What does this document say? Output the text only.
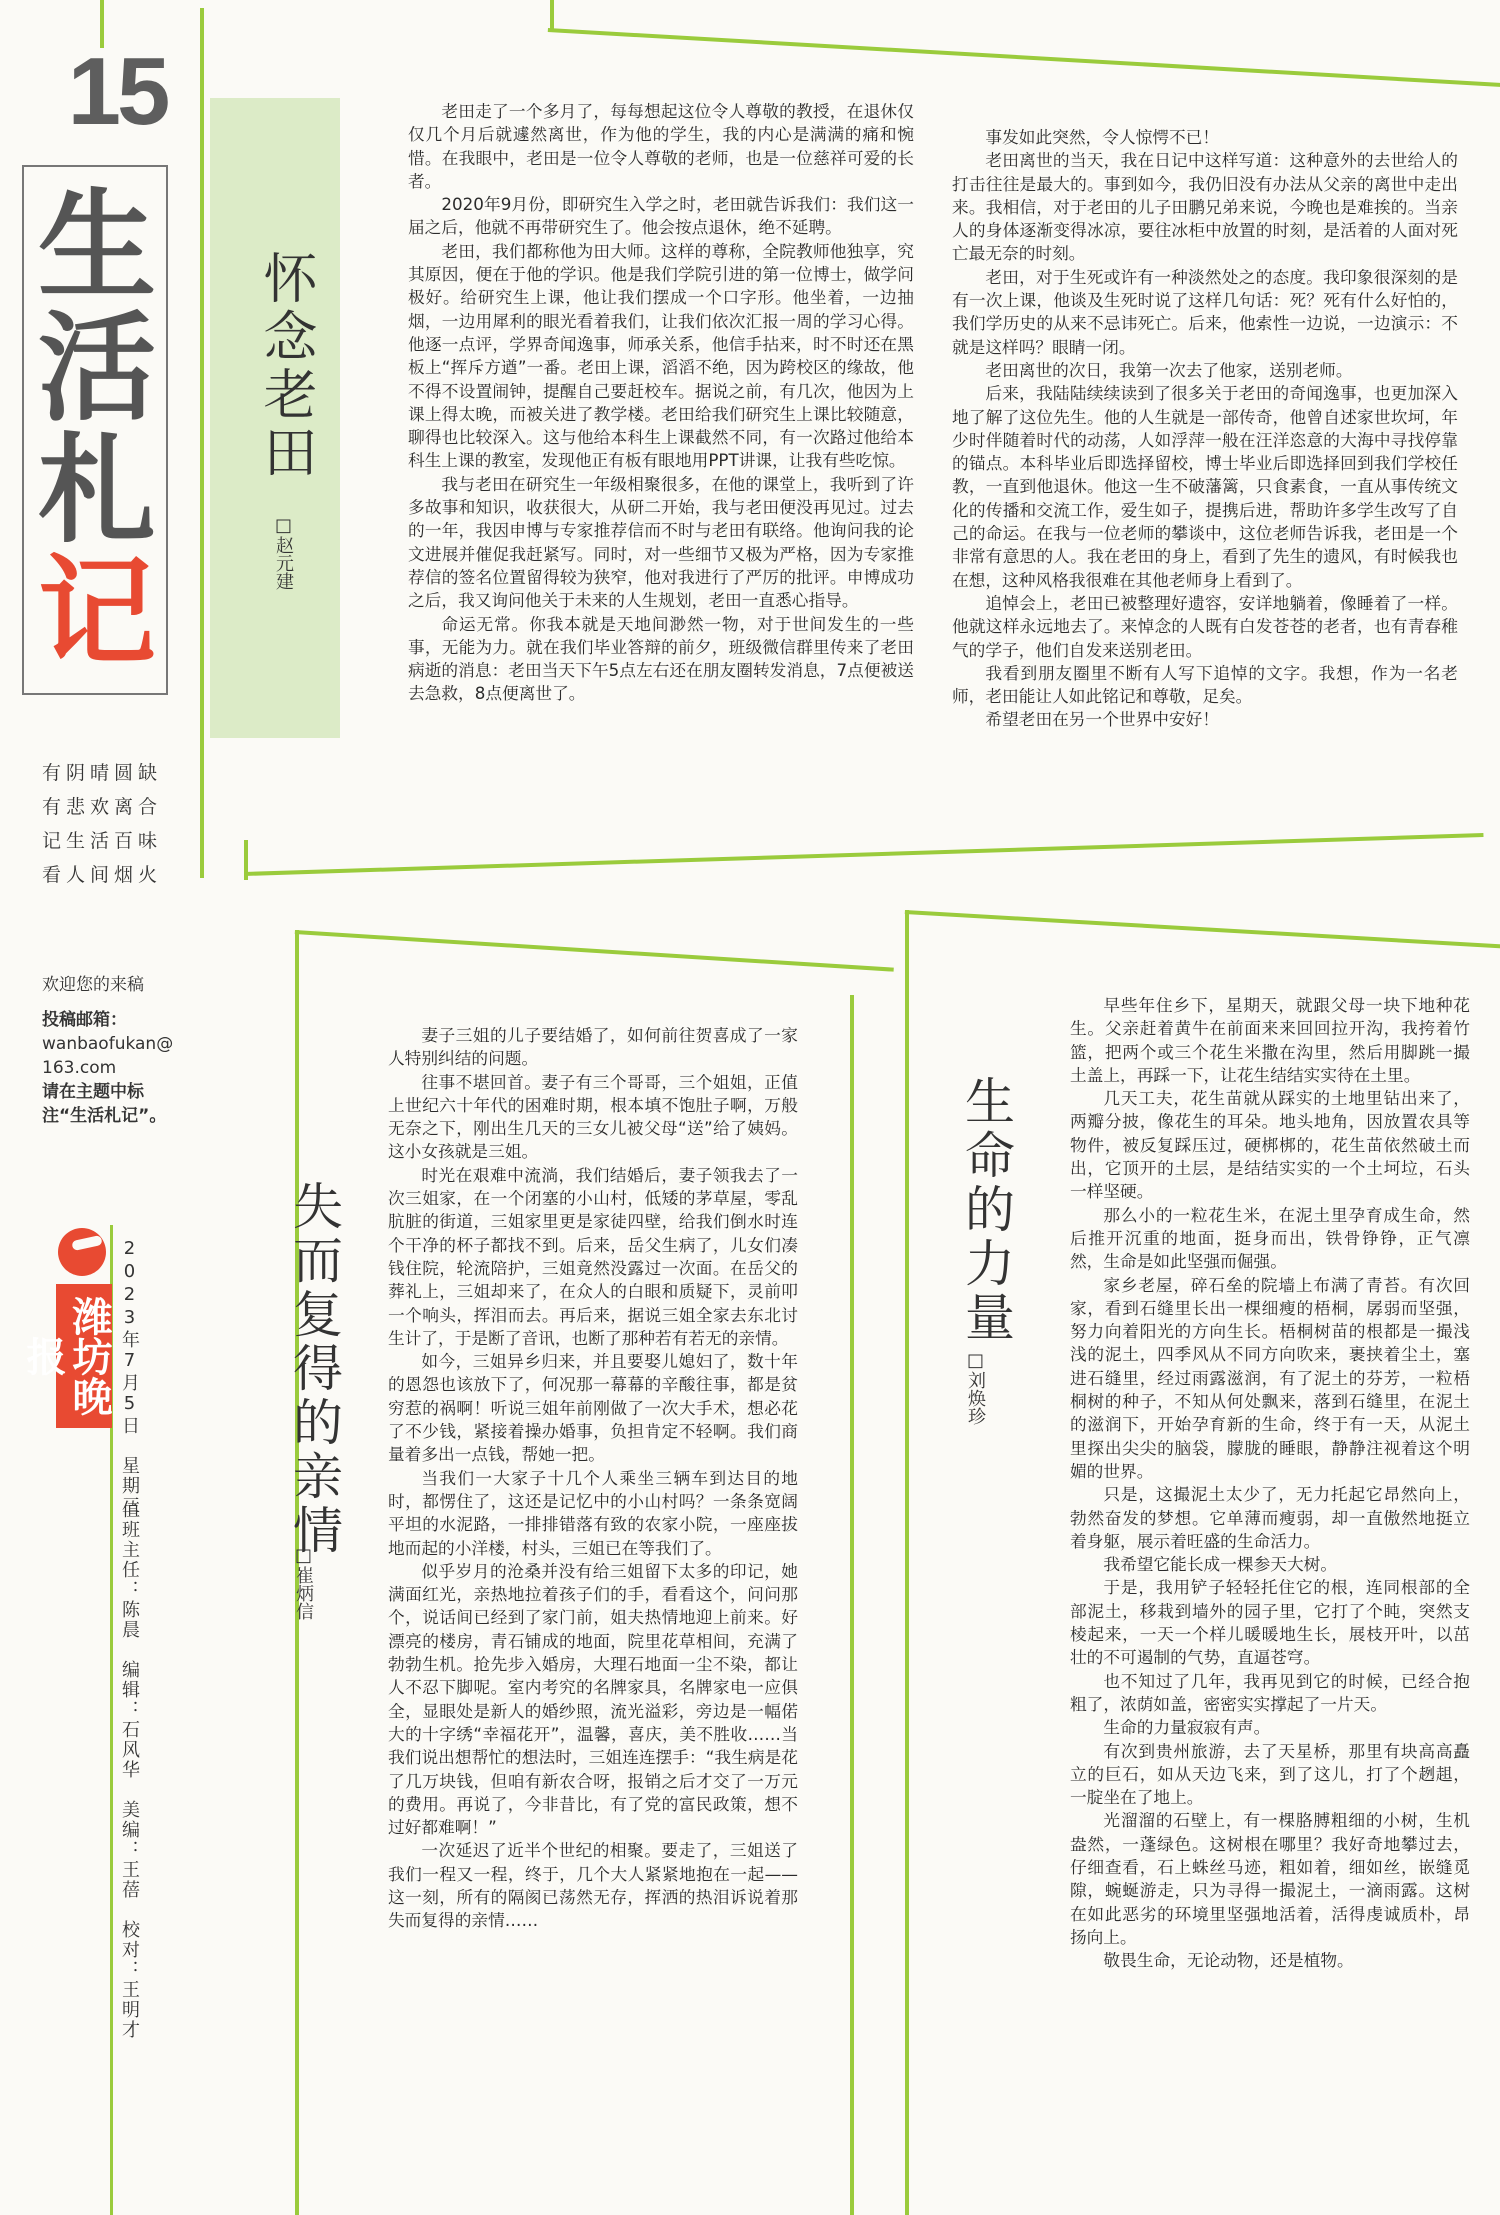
15
生
活
札
记
有阴晴圆缺
有悲欢离合
记生活百味
看人间烟火
欢迎您的来稿
投稿邮箱：
wanbaofukan@163.com
请在主题中标注“生活札记”。
潍坊晚报	2023年7月5日　星期三
值班主任：陈晨　编辑：石风华　美编：王蓓　校对：王明才
怀念老田
□赵元建

老田走了一个多月了，每每想起这位令人尊敬的教授，在退休仅仅几个月后就遽然离世，作为他的学生，我的内心是满满的痛和惋惜。在我眼中，老田是一位令人尊敬的老师，也是一位慈祥可爱的长者。

2020年9月份，即研究生入学之时，老田就告诉我们：我们这一届之后，他就不再带研究生了。他会按点退休，绝不延聘。

老田，我们都称他为田大师。这样的尊称，全院教师他独享，究其原因，便在于他的学识。他是我们学院引进的第一位博士，做学问极好。给研究生上课，他让我们摆成一个口字形。他坐着，一边抽烟，一边用犀利的眼光看着我们，让我们依次汇报一周的学习心得。他逐一点评，学界奇闻逸事，师承关系，他信手拈来，时不时还在黑板上“挥斥方遒”一番。老田上课，滔滔不绝，因为跨校区的缘故，他不得不设置闹钟，提醒自己要赶校车。据说之前，有几次，他因为上课上得太晚，而被关进了教学楼。老田给我们研究生上课比较随意，聊得也比较深入。这与他给本科生上课截然不同，有一次路过他给本科生上课的教室，发现他正有板有眼地用PPT讲课，让我有些吃惊。

我与老田在研究生一年级相聚很多，在他的课堂上，我听到了许多故事和知识，收获很大，从研二开始，我与老田便没再见过。过去的一年，我因申博与专家推荐信而不时与老田有联络。他询问我的论文进展并催促我赶紧写。同时，对一些细节又极为严格，因为专家推荐信的签名位置留得较为狭窄，他对我进行了严厉的批评。申博成功之后，我又询问他关于未来的人生规划，老田一直悉心指导。

命运无常。你我本就是天地间渺然一物，对于世间发生的一些事，无能为力。就在我们毕业答辩的前夕，班级微信群里传来了老田病逝的消息：老田当天下午5点左右还在朋友圈转发消息，7点便被送去急救，8点便离世了。

事发如此突然，令人惊愕不已！

老田离世的当天，我在日记中这样写道：这种意外的去世给人的打击往往是最大的。事到如今，我仍旧没有办法从父亲的离世中走出来。我相信，对于老田的儿子田鹏兄弟来说，今晚也是难挨的。当亲人的身体逐渐变得冰凉，要往冰柜中放置的时刻，是活着的人面对死亡最无奈的时刻。

老田，对于生死或许有一种淡然处之的态度。我印象很深刻的是有一次上课，他谈及生死时说了这样几句话：死？死有什么好怕的，我们学历史的从来不忌讳死亡。后来，他索性一边说，一边演示：不就是这样吗？眼睛一闭。

老田离世的次日，我第一次去了他家，送别老师。

后来，我陆陆续续读到了很多关于老田的奇闻逸事，也更加深入地了解了这位先生。他的人生就是一部传奇，他曾自述家世坎坷，年少时伴随着时代的动荡，人如浮萍一般在汪洋恣意的大海中寻找停靠的锚点。本科毕业后即选择留校，博士毕业后即选择回到我们学校任教，一直到他退休。他这一生不破藩篱，只食素食，一直从事传统文化的传播和交流工作，爱生如子，提携后进，帮助许多学生改写了自己的命运。在我与一位老师的攀谈中，这位老师告诉我，老田是一个非常有意思的人。我在老田的身上，看到了先生的遗风，有时候我也在想，这种风格我很难在其他老师身上看到了。

追悼会上，老田已被整理好遗容，安详地躺着，像睡着了一样。他就这样永远地去了。来悼念的人既有白发苍苍的老者，也有青春稚气的学子，他们自发来送别老田。

我看到朋友圈里不断有人写下追悼的文字。我想，作为一名老师，老田能让人如此铭记和尊敬，足矣。

希望老田在另一个世界中安好！

失而复得的亲情
□崔炳信

妻子三姐的儿子要结婚了，如何前往贺喜成了一家人特别纠结的问题。

往事不堪回首。妻子有三个哥哥，三个姐姐，正值上世纪六十年代的困难时期，根本填不饱肚子啊，万般无奈之下，刚出生几天的三女儿被父母“送”给了姨妈。这小女孩就是三姐。

时光在艰难中流淌，我们结婚后，妻子领我去了一次三姐家，在一个闭塞的小山村，低矮的茅草屋，零乱肮脏的街道，三姐家里更是家徒四壁，给我们倒水时连个干净的杯子都找不到。后来，岳父生病了，儿女们凑钱住院，轮流陪护，三姐竟然没露过一次面。在岳父的葬礼上，三姐却来了，在众人的白眼和质疑下，灵前叩一个响头，挥泪而去。再后来，据说三姐全家去东北讨生计了，于是断了音讯，也断了那种若有若无的亲情。

如今，三姐异乡归来，并且要娶儿媳妇了，数十年的恩怨也该放下了，何况那一幕幕的辛酸往事，都是贫穷惹的祸啊！听说三姐年前刚做了一次大手术，想必花了不少钱，紧接着操办婚事，负担肯定不轻啊。我们商量着多出一点钱，帮她一把。

当我们一大家子十几个人乘坐三辆车到达目的地时，都愣住了，这还是记忆中的小山村吗？一条条宽阔平坦的水泥路，一排排错落有致的农家小院，一座座拔地而起的小洋楼，村头，三姐已在等我们了。

似乎岁月的沧桑并没有给三姐留下太多的印记，她满面红光，亲热地拉着孩子们的手，看看这个，问问那个，说话间已经到了家门前，姐夫热情地迎上前来。好漂亮的楼房，青石铺成的地面，院里花草相间，充满了勃勃生机。抢先步入婚房，大理石地面一尘不染，都让人不忍下脚呢。室内考究的名牌家具，名牌家电一应俱全，显眼处是新人的婚纱照，流光溢彩，旁边是一幅偌大的十字绣“幸福花开”，温馨，喜庆，美不胜收……当我们说出想帮忙的想法时，三姐连连摆手：“我生病是花了几万块钱，但咱有新农合呀，报销之后才交了一万元的费用。再说了，今非昔比，有了党的富民政策，想不过好都难啊！”

一次延迟了近半个世纪的相聚。要走了，三姐送了我们一程又一程，终于，几个大人紧紧地抱在一起——这一刻，所有的隔阂已荡然无存，挥洒的热泪诉说着那失而复得的亲情……

生命的力量
□刘焕珍

早些年住乡下，星期天，就跟父母一块下地种花生。父亲赶着黄牛在前面来来回回拉开沟，我挎着竹篮，把两个或三个花生米撒在沟里，然后用脚跳一撮土盖上，再踩一下，让花生结结实实待在土里。

几天工夫，花生苗就从踩实的土地里钻出来了，两瓣分披，像花生的耳朵。地头地角，因放置农具等物件，被反复踩压过，硬梆梆的，花生苗依然破土而出，它顶开的土层，是结结实实的一个土坷垃，石头一样坚硬。

那么小的一粒花生米，在泥土里孕育成生命，然后推开沉重的地面，挺身而出，铁骨铮铮，正气凛然，生命是如此坚强而倔强。

家乡老屋，碎石垒的院墙上布满了青苔。有次回家，看到石缝里长出一棵细瘦的梧桐，孱弱而坚强，努力向着阳光的方向生长。梧桐树苗的根都是一撮浅浅的泥土，四季风从不同方向吹来，裹挟着尘土，塞进石缝里，经过雨露滋润，有了泥土的芬芳，一粒梧桐树的种子，不知从何处飘来，落到石缝里，在泥土的滋润下，开始孕育新的生命，终于有一天，从泥土里探出尖尖的脑袋，朦胧的睡眼，静静注视着这个明媚的世界。

只是，这撮泥土太少了，无力托起它昂然向上，勃然奋发的梦想。它单薄而瘦弱，却一直傲然地挺立着身躯，展示着旺盛的生命活力。

我希望它能长成一棵参天大树。

于是，我用铲子轻轻托住它的根，连同根部的全部泥土，移栽到墙外的园子里，它打了个盹，突然支棱起来，一天一个样儿暖暖地生长，展枝开叶，以茁壮的不可遏制的气势，直逼苍穹。

也不知过了几年，我再见到它的时候，已经合抱粗了，浓荫如盖，密密实实撑起了一片天。

生命的力量寂寂有声。

有次到贵州旅游，去了天星桥，那里有块高高矗立的巨石，如从天边飞来，到了这儿，打了个趔趄，一腚坐在了地上。

光溜溜的石壁上，有一棵胳膊粗细的小树，生机盎然，一蓬绿色。这树根在哪里？我好奇地攀过去，仔细查看，石上蛛丝马迹，粗如着，细如丝，嵌缝觅隙，蜿蜒游走，只为寻得一撮泥土，一滴雨露。这树在如此恶劣的环境里坚强地活着，活得虔诚质朴，昂扬向上。

敬畏生命，无论动物，还是植物。
